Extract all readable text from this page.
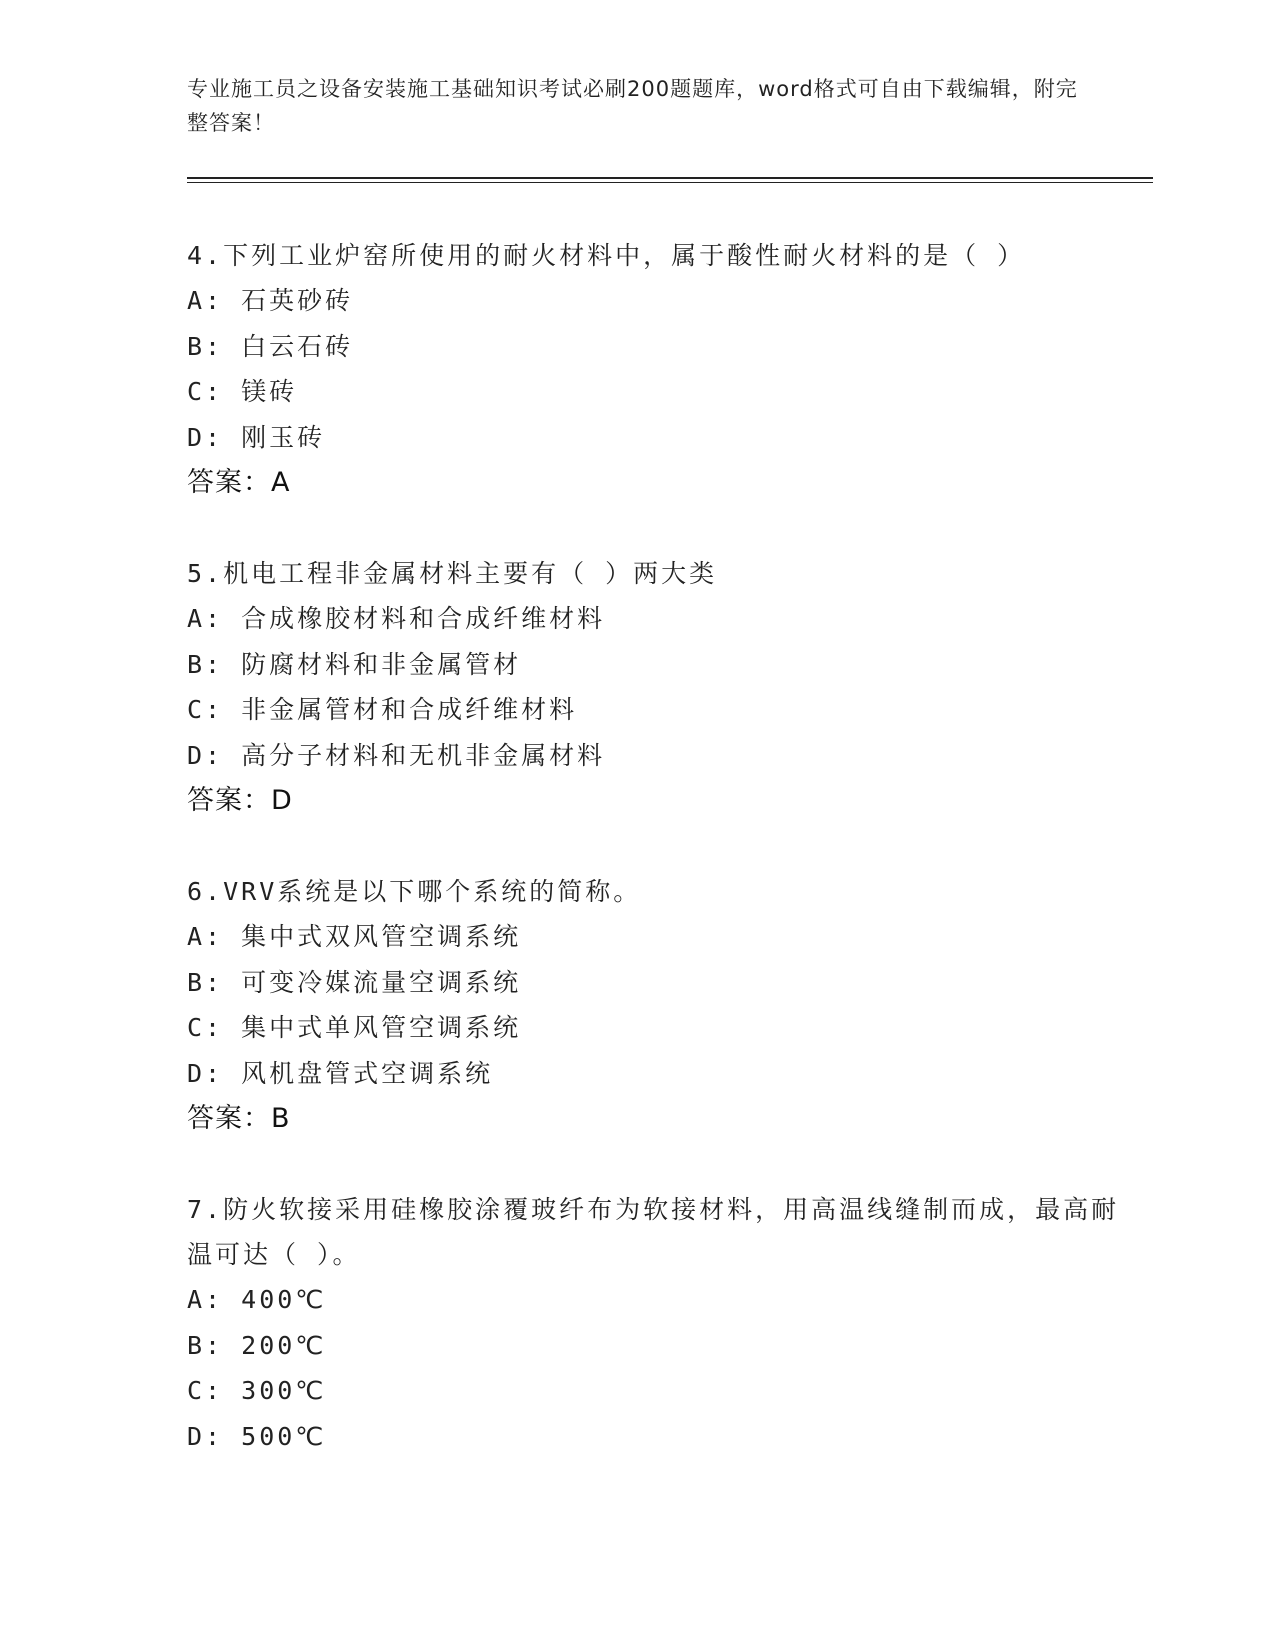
专业施工员之设备安装施工基础知识考试必刷200题题库，word格式可自由下载编辑，附完整答案！

4.下列工业炉窑所使用的耐火材料中，属于酸性耐火材料的是（ ）

A: 石英砂砖

B: 白云石砖

C: 镁砖

D: 刚玉砖

答案：A

5.机电工程非金属材料主要有（ ）两大类

A: 合成橡胶材料和合成纤维材料

B: 防腐材料和非金属管材

C: 非金属管材和合成纤维材料

D: 高分子材料和无机非金属材料

答案：D

6.VRV系统是以下哪个系统的简称。

A: 集中式双风管空调系统

B: 可变冷媒流量空调系统

C: 集中式单风管空调系统

D: 风机盘管式空调系统

答案：B

7.防火软接采用硅橡胶涂覆玻纤布为软接材料，用高温线缝制而成，最高耐温可达（ ）。

A: 400℃

B: 200℃

C: 300℃

D: 500℃
